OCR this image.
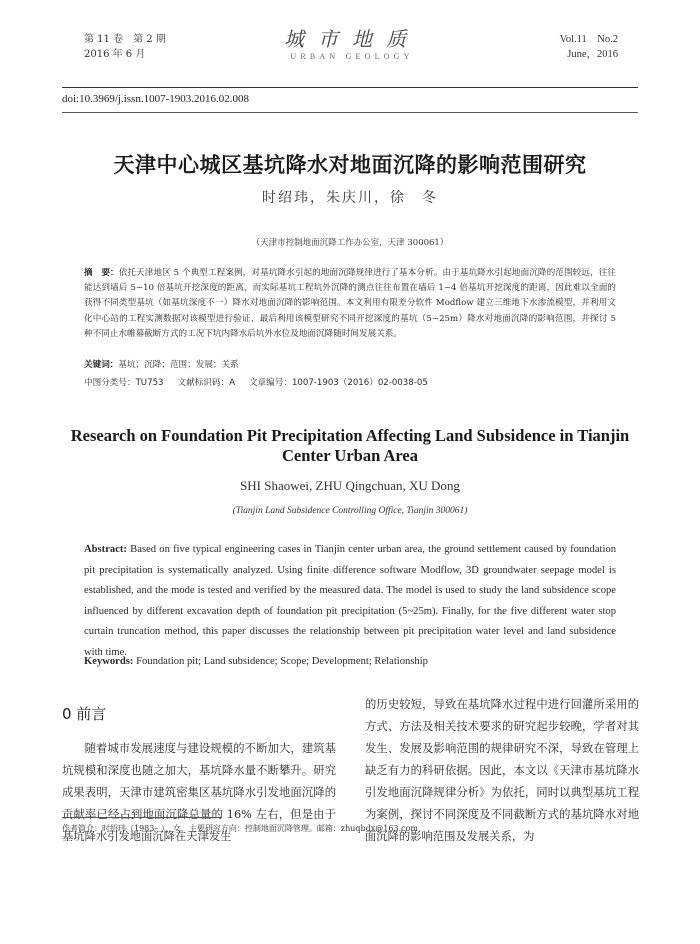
第 11 卷　第 2 期
2016 年 6 月
城市地质
URBAN GEOLOGY
Vol.11　No.2
June，2016
doi:10.3969/j.issn.1007-1903.2016.02.008
天津中心城区基坑降水对地面沉降的影响范围研究
时绍玮，朱庆川，徐　冬
（天津市控制地面沉降工作办公室，天津 300061）
摘　要：依托天津地区 5 个典型工程案例，对基坑降水引起的地面沉降规律进行了基本分析。由于基坑降水引起地面沉降的范围较远，往往能达到墙后 5~10 倍基坑开挖深度的距离，而实际基坑工程坑外沉降的测点往往布置在墙后 1~4 倍基坑开挖深度的距离，因此难以全面的获得不同类型基坑（如基坑深度不一）降水对地面沉降的影响范围。本文利用有限差分软件 Modflow 建立三维地下水渗流模型，并利用文化中心站的工程实测数据对该模型进行验证，最后利用该模型研究不同开挖深度的基坑（5~25m）降水对地面沉降的影响范围，并探讨 5 种不同止水帷幕截断方式的工况下坑内降水后坑外水位及地面沉降随时间发展关系。
关键词：基坑；沉降；范围；发展；关系
中图分类号：TU753 文献标识码：A 文章编号：1007-1903（2016）02-0038-05
Research on Foundation Pit Precipitation Affecting Land Subsidence in Tianjin Center Urban Area
SHI Shaowei, ZHU Qingchuan, XU Dong
(Tianjin Land Subsidence Controlling Office, Tianjin 300061)
Abstract: Based on five typical engineering cases in Tianjin center urban area, the ground settlement caused by foundation pit precipitation is systematically analyzed. Using finite difference software Modflow, 3D groundwater seepage model is established, and the mode is tested and verified by the measured data. The model is used to study the land subsidence scope influenced by different excavation depth of foundation pit precipitation (5~25m). Finally, for the five different water stop curtain truncation method, this paper discusses the relationship between pit precipitation water level and land subsidence with time.
Keywords: Foundation pit; Land subsidence; Scope; Development; Relationship
0 前言
随着城市发展速度与建设规模的不断加大，建筑基坑规模和深度也随之加大，基坑降水量不断攀升。研究成果表明，天津市建筑密集区基坑降水引发地面沉降的贡献率已经占到地面沉降总量的 16% 左右，但是由于基坑降水引发地面沉降在天津发生
的历史较短，导致在基坑降水过程中进行回灌所采用的方式、方法及相关技术要求的研究起步较晚，学者对其发生、发展及影响范围的规律研究不深，导致在管理上缺乏有力的科研依据。因此，本文以《天津市基坑降水引发地面沉降规律分析》为依托，同时以典型基坑工程为案例，探讨不同深度及不同截断方式的基坑降水对地面沉降的影响范围及发展关系，为
作者简介：时绍玮（1983– ），女，主要研究方向：控制地面沉降管理。邮箱：zhuqbdx@163.com
